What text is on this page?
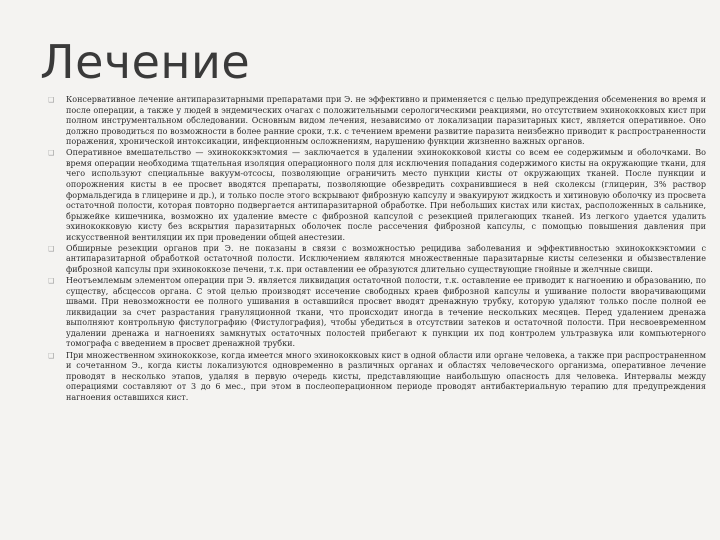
Лечение
❑ Консервативное лечение антипаразитарными препаратами при Э. не эффективно и применяется с целью предупреждения обсеменения во время и после операции, а также у людей в эндемических очагах с положительными серологическими реакциями, но отсутствием эхинококковых кист при полном инструментальном обследовании. Основным видом лечения, независимо от локализации паразитарных кист, является оперативное. Оно должно проводиться по возможности в более ранние сроки, т.к. с течением времени развитие паразита неизбежно приводит к распространенности поражения, хронической интоксикации, инфекционным осложнениям, нарушению функции жизненно важных органов.
❑ Оперативное вмешательство — эхинококкэктомия — заключается в удалении эхинококковой кисты со всем ее содержимым и оболочками. Во время операции необходима тщательная изоляция операционного поля для исключения попадания содержимого кисты на окружающие ткани, для чего используют специальные вакуум-отсосы, позволяющие ограничить место пункции кисты от окружающих тканей. После пункции и опорожнения кисты в ее просвет вводятся препараты, позволяющие обезвредить сохранившиеся в ней сколексы (глицерин, 3% раствор формальдегида в глицерине и др.), и только после этого вскрывают фиброзную капсулу и эвакуируют жидкость и хитиновую оболочку из просвета остаточной полости, которая повторно подвергается антипаразитарной обработке. При небольших кистах или кистах, расположенных в сальнике, брыжейке кишечника, возможно их удаление вместе с фиброзной капсулой с резекцией прилегающих тканей. Из легкого удается удалить эхинококковую кисту без вскрытия паразитарных оболочек после рассечения фиброзной капсулы, с помощью повышения давления при искусственной вентиляции их при проведении общей анестезии.
❑ Обширные резекции органов при Э. не показаны в связи с возможностью рецидива заболевания и эффективностью эхинококкэктомии с антипаразитарной обработкой остаточной полости. Исключением являются множественные паразитарные кисты селезенки и обызвествление фиброзной капсулы при эхинококкозе печени, т.к. при оставлении ее образуются длительно существующие гнойные и желчные свищи.
❑ Неотъемлемым элементом операции при Э. является ликвидация остаточной полости, т.к. оставление ее приводит к нагноению и образованию, по существу, абсцессов органа. С этой целью производят иссечение свободных краев фиброзной капсулы и ушивание полости вворачивающими швами. При невозможности ее полного ушивания в оставшийся просвет вводят дренажную трубку, которую удаляют только после полной ее ликвидации за счет разрастания грануляционной ткани, что происходит иногда в течение нескольких месяцев. Перед удалением дренажа выполняют контрольную фистулографию (Фистулография), чтобы убедиться в отсутствии затеков и остаточной полости. При несвоевременном удалении дренажа и нагноениях замкнутых остаточных полостей прибегают к пункции их под контролем ультразвука или компьютерного томографа с введением в просвет дренажной трубки.
❑ При множественном эхинококкозе, когда имеется много эхинококковых кист в одной области или органе человека, а также при распространенном и сочетанном Э., когда кисты локализуются одновременно в различных органах и областях человеческого организма, оперативное лечение проводят в несколько этапов, удаляя в первую очередь кисты, представляющие наибольшую опасность для человека. Интервалы между операциями составляют от 3 до 6 мес., при этом в послеоперационном периоде проводят антибактериальную терапию для предупреждения нагноения оставшихся кист.
